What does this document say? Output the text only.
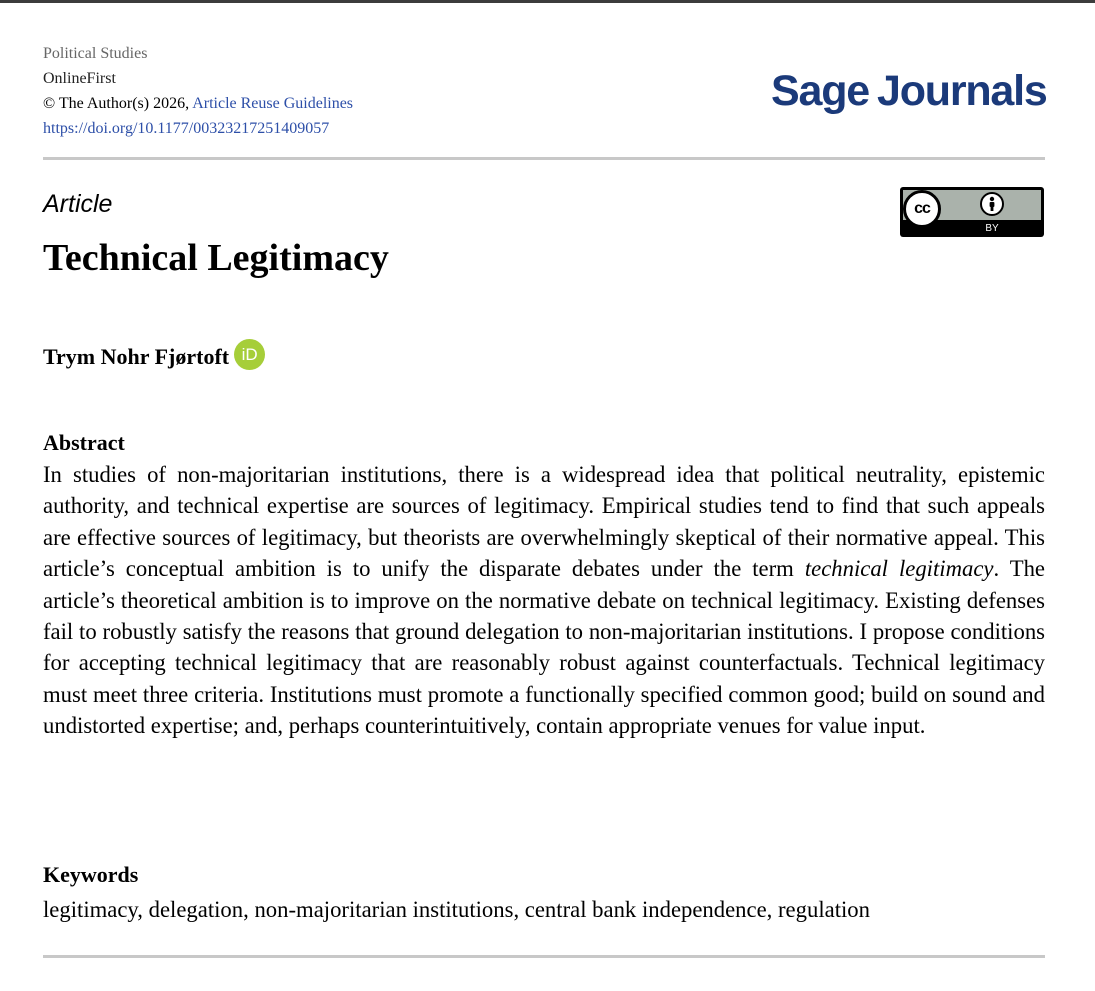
Political Studies
OnlineFirst
© The Author(s) 2026, Article Reuse Guidelines
https://doi.org/10.1177/00323217251409057
Sage Journals
Article	cc
BY
Technical Legitimacy
Trym Nohr Fjørtoft iD
Abstract

In studies of non-majoritarian institutions, there is a widespread idea that political neutrality, epistemic authority, and technical expertise are sources of legitimacy. Empirical studies tend to find that such appeals are effective sources of legitimacy, but theorists are overwhelmingly skeptical of their normative appeal. This article’s conceptual ambition is to unify the disparate debates under the term technical legitimacy. The article’s theoretical ambition is to improve on the normative debate on technical legitimacy. Existing defenses fail to robustly satisfy the reasons that ground delegation to non-majoritarian institutions. I propose conditions for accepting technical legitimacy that are reasonably robust against counterfactuals. Technical legitimacy must meet three criteria. Institutions must promote a functionally specified common good; build on sound and undistorted expertise; and, perhaps counterintuitively, contain appropriate venues for value input.

Keywords
legitimacy, delegation, non-majoritarian institutions, central bank independence, regulation
